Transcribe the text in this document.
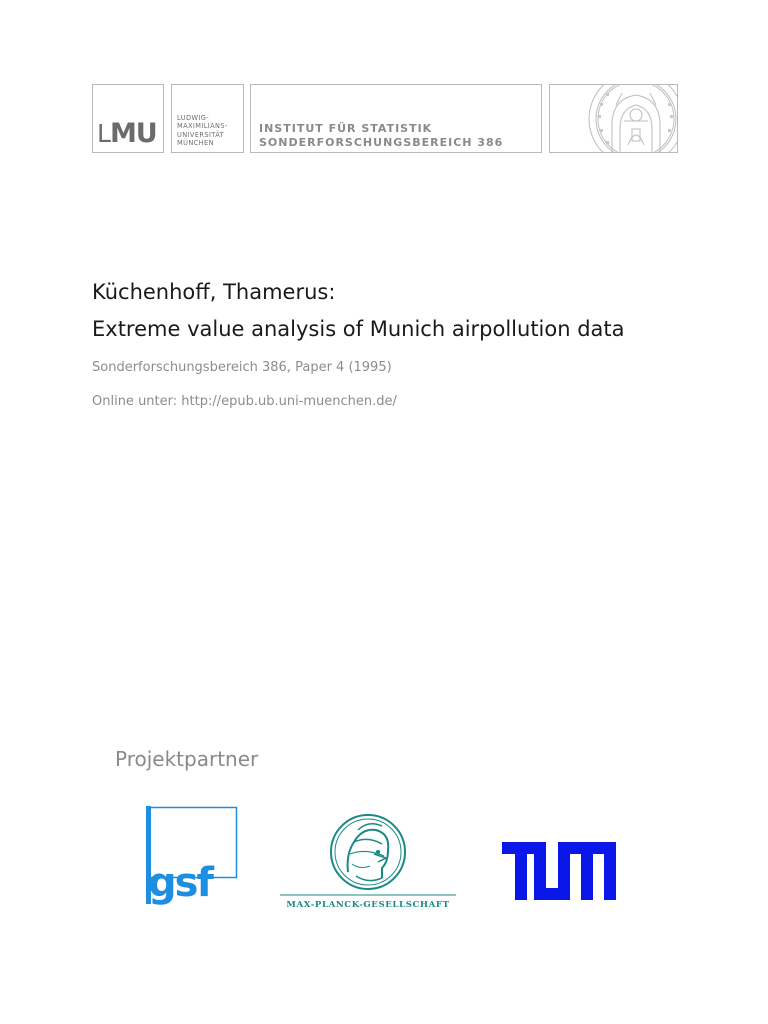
LMU	LUDWIG-
MAXIMILIANS-
UNIVERSITÄT
MÜNCHEN
INSTITUT FÜR STATISTIK
SONDERFORSCHUNGSBEREICH 386
Küchenhoff, Thamerus:
Extreme value analysis of Munich airpollution data
Sonderforschungsbereich 386, Paper 4 (1995)
Online unter: http://epub.ub.uni-muenchen.de/
Projektpartner
gsf	MAX-PLANCK-GESELLSCHAFT
